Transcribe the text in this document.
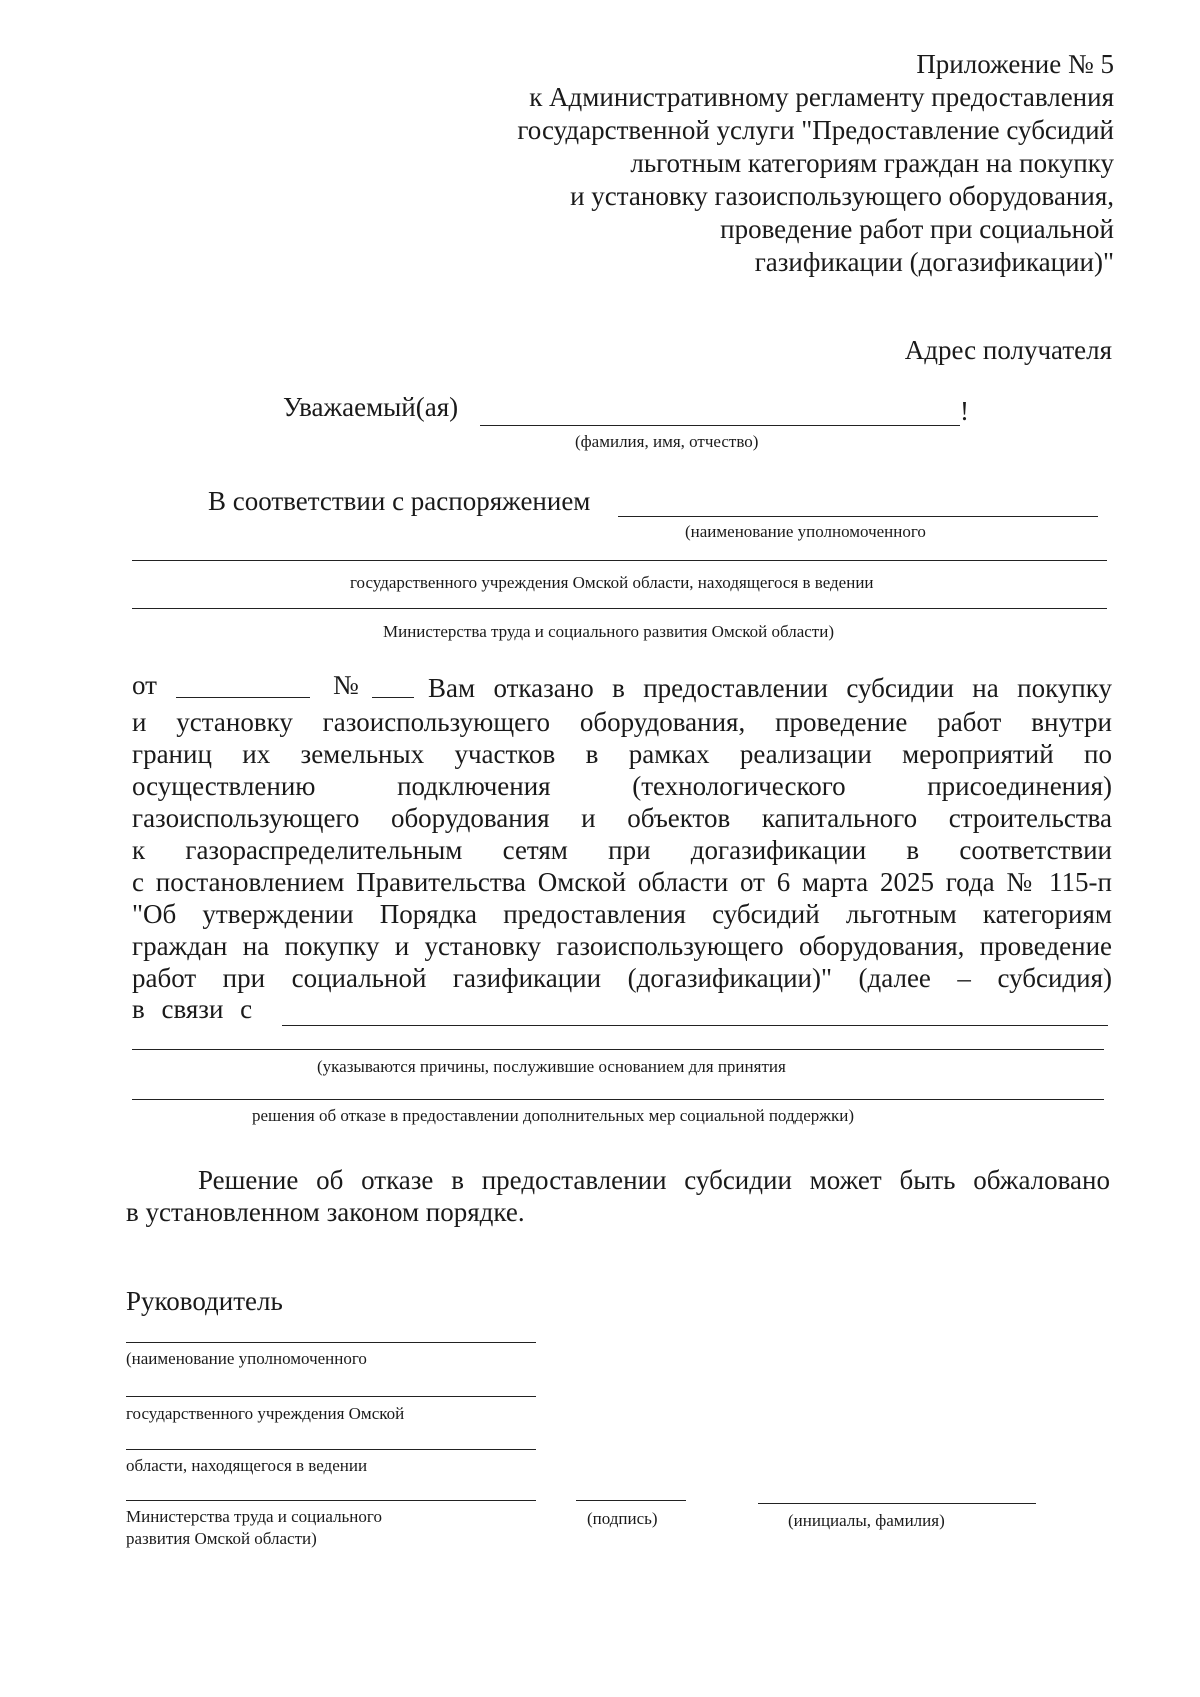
Приложение № 5
к Административному регламенту предоставления
государственной услуги "Предоставление субсидий
льготным категориям граждан на покупку
и установку газоиспользующего оборудования,
проведение работ при социальной
газификации (догазификации)"
Адрес получателя
Уважаемый(ая)	!
(фамилия, имя, отчество)
В соответствии с распоряжением
(наименование уполномоченного
государственного учреждения Омской области, находящегося в ведении
Министерства труда и социального развития Омской области)
от	№	Вам отказано в предоставлении субсидии на покупку
и установку газоиспользующего оборудования, проведение работ внутри
границ их земельных участков в рамках реализации мероприятий по
осуществлению подключения (технологического присоединения)
газоиспользующего оборудования и объектов капитального строительства
к газораспределительным сетям при догазификации в соответствии
с постановлением Правительства Омской области от 6 марта 2025 года № 115-п
"Об утверждении Порядка предоставления субсидий льготным категориям
граждан на покупку и установку газоиспользующего оборудования, проведение
работ при социальной газификации (догазификации)" (далее – субсидия)
в связи с
(указываются причины, послужившие основанием для принятия
решения об отказе в предоставлении дополнительных мер социальной поддержки)
Решение об отказе в предоставлении субсидии может быть обжаловано
в установленном законом порядке.
Руководитель
(наименование уполномоченного
государственного учреждения Омской
области, находящегося в ведении
Министерства труда и социального
развития Омской области)
(подпись)	(инициалы, фамилия)
